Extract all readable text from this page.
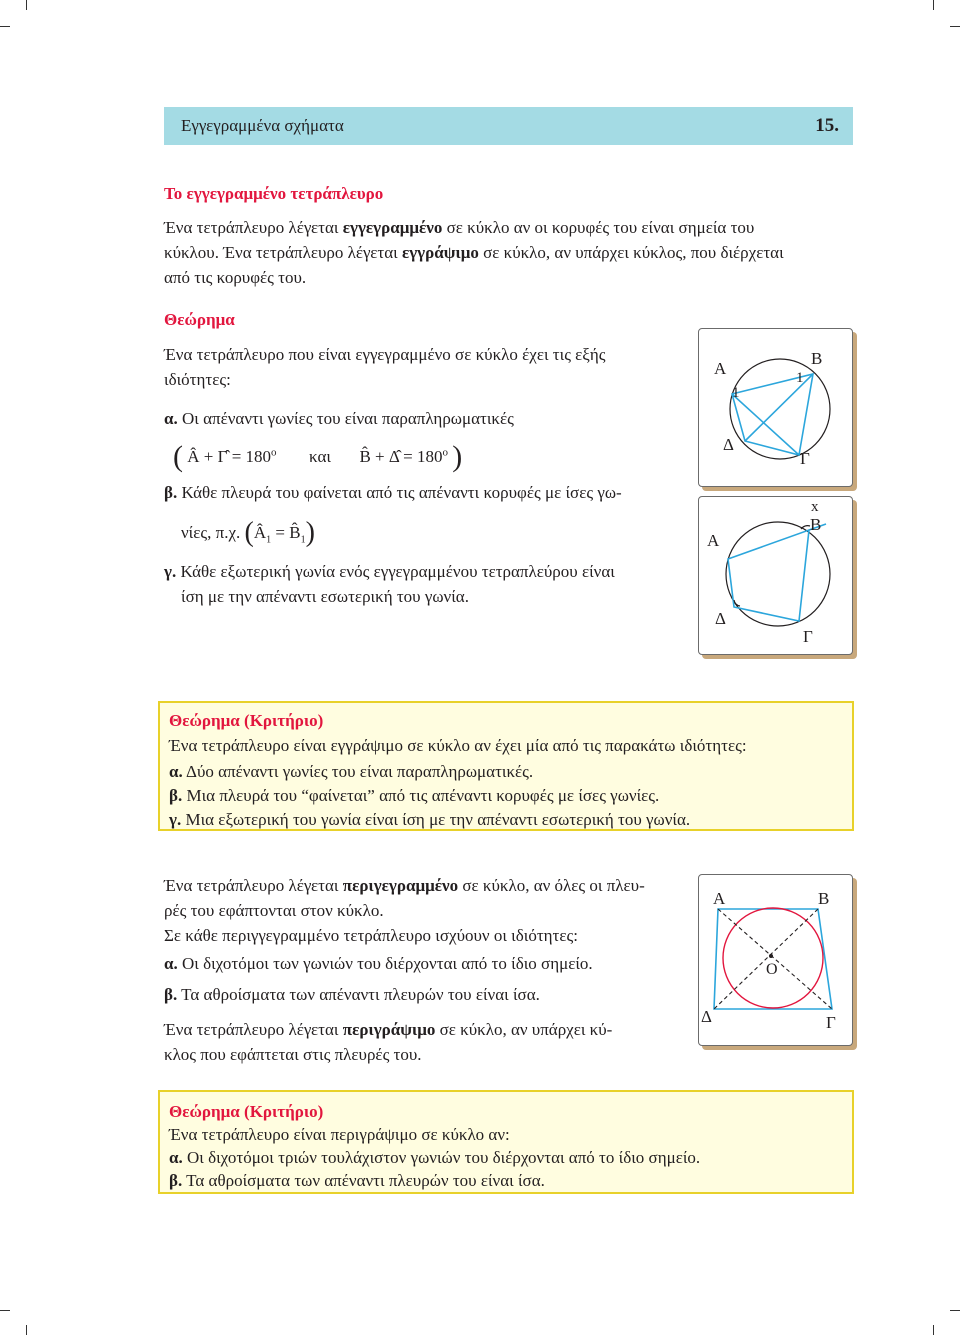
Εγγεγραμμένα σχήματα	15.
Το εγγεγραμμένο τετράπλευρο
Ένα τετράπλευρο λέγεται εγγεγραμμένο σε κύκλο αν οι κορυφές του είναι σημεία του
κύκλου. Ένα τετράπλευρο λέγεται εγγράψιμο σε κύκλο, αν υπάρχει κύκλος, που διέρχεται
από τις κορυφές του.
Θεώρημα
Ένα τετράπλευρο που είναι εγγεγραμμένο σε κύκλο έχει τις εξής
ιδιότητες:
α. Οι απέναντι γωνίες του είναι παραπληρωματικές
( Â + Γ̂ = $180^o$ και B̂ + Δ̂ = $180^o$ )
β. Κάθε πλευρά του φαίνεται από τις απέναντι κορυφές με ίσες γω-
νίες, π.χ. ($Â_1$ = $B̂_1$)
γ. Κάθε εξωτερική γωνία ενός εγγεγραμμένου τετραπλεύρου είναι
ίση με την απέναντι εσωτερική του γωνία.
Α
Β
Γ
Δ
1
1
Α
Β
Γ
Δ
x
Θεώρημα (Κριτήριο)
Ένα τετράπλευρο είναι εγγράψιμο σε κύκλο αν έχει μία από τις παρακάτω ιδιότητες:
α. Δύο απέναντι γωνίες του είναι παραπληρωματικές.
β. Μια πλευρά του “φαίνεται” από τις απέναντι κορυφές με ίσες γωνίες.
γ. Μια εξωτερική του γωνία είναι ίση με την απέναντι εσωτερική του γωνία.
Ένα τετράπλευρο λέγεται περιγεγραμμένο σε κύκλο, αν όλες οι πλευ-
ρές του εφάπτονται στον κύκλο.
Σε κάθε περιγγεγραμμένο τετράπλευρο ισχύουν οι ιδιότητες:
α. Οι διχοτόμοι των γωνιών του διέρχονται από το ίδιο σημείο.
β. Τα αθροίσματα των απέναντι πλευρών του είναι ίσα.
Ένα τετράπλευρο λέγεται περιγράψιμο σε κύκλο, αν υπάρχει κύ-
κλος που εφάπτεται στις πλευρές του.
Α	Β
Γ
Δ
Ο
Θεώρημα (Κριτήριο)
Ένα τετράπλευρο είναι περιγράψιμο σε κύκλο αν:
α. Οι διχοτόμοι τριών τουλάχιστον γωνιών του διέρχονται από το ίδιο σημείο.
β. Τα αθροίσματα των απέναντι πλευρών του είναι ίσα.
